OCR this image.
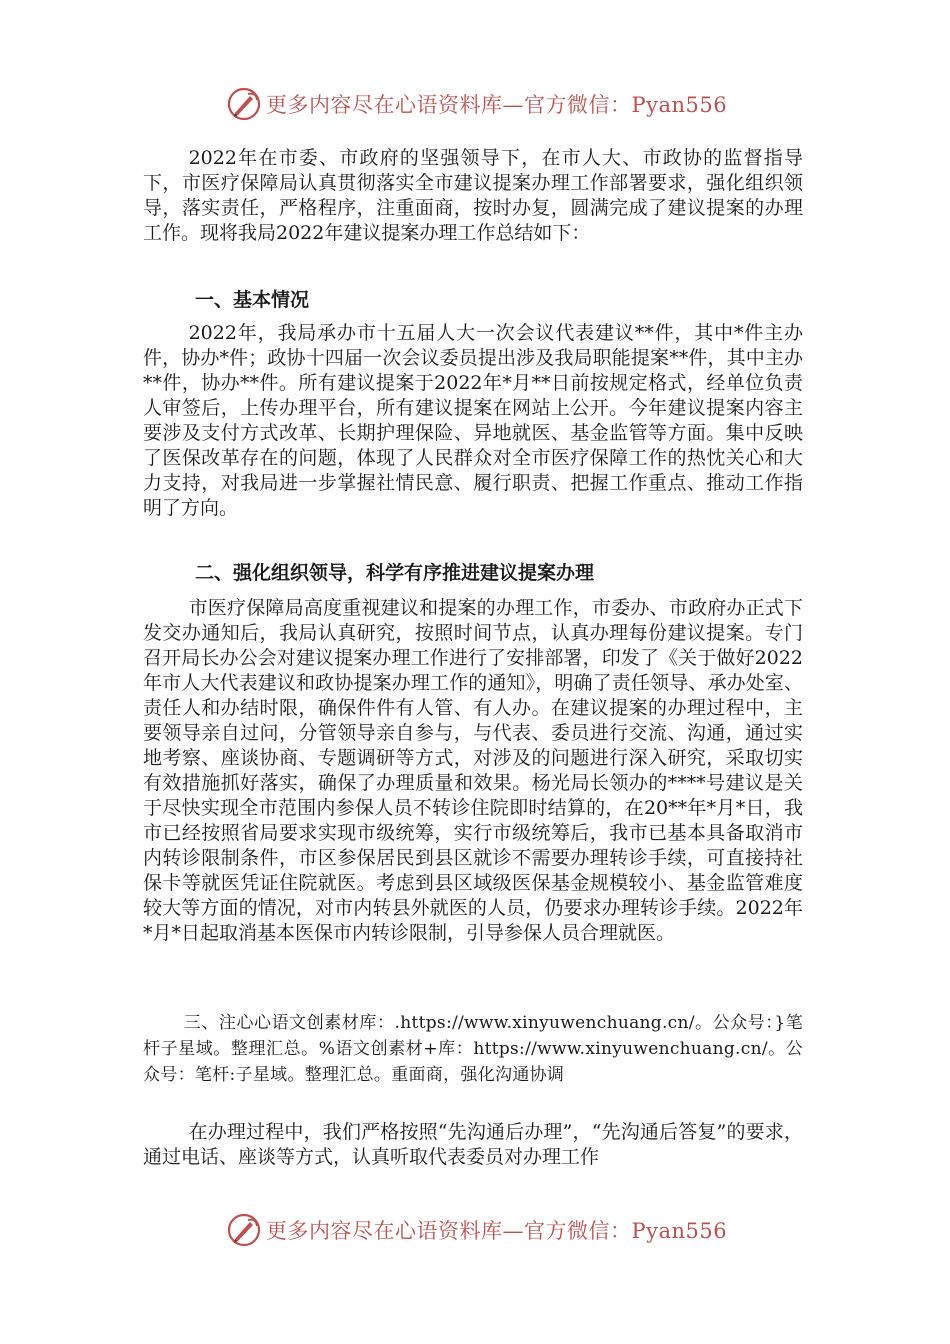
更多内容尽在心语资料库—官方微信：Pyan556

2022年在市委、市政府的坚强领导下，在市人大、市政协的监督指导下，市医疗保障局认真贯彻落实全市建议提案办理工作部署要求，强化组织领导，落实责任，严格程序，注重面商，按时办复，圆满完成了建议提案的办理工作。现将我局2022年建议提案办理工作总结如下：

一、基本情况

2022年，我局承办市十五届人大一次会议代表建议**件，其中*件主办件，协办*件；政协十四届一次会议委员提出涉及我局职能提案**件，其中主办**件，协办**件。所有建议提案于2022年*月**日前按规定格式，经单位负责人审签后，上传办理平台，所有建议提案在网站上公开。今年建议提案内容主要涉及支付方式改革、长期护理保险、异地就医、基金监管等方面。集中反映了医保改革存在的问题，体现了人民群众对全市医疗保障工作的热忱关心和大力支持，对我局进一步掌握社情民意、履行职责、把握工作重点、推动工作指明了方向。

二、强化组织领导，科学有序推进建议提案办理

市医疗保障局高度重视建议和提案的办理工作，市委办、市政府办正式下发交办通知后，我局认真研究，按照时间节点，认真办理每份建议提案。专门召开局长办公会对建议提案办理工作进行了安排部署，印发了《关于做好2022年市人大代表建议和政协提案办理工作的通知》，明确了责任领导、承办处室、责任人和办结时限，确保件件有人管、有人办。在建议提案的办理过程中，主要领导亲自过问，分管领导亲自参与，与代表、委员进行交流、沟通，通过实地考察、座谈协商、专题调研等方式，对涉及的问题进行深入研究，采取切实有效措施抓好落实，确保了办理质量和效果。杨光局长领办的****号建议是关于尽快实现全市范围内参保人员不转诊住院即时结算的，在20**年*月*日，我市已经按照省局要求实现市级统筹，实行市级统筹后，我市已基本具备取消市内转诊限制条件，市区参保居民到县区就诊不需要办理转诊手续，可直接持社保卡等就医凭证住院就医。考虑到县区域级医保基金规模较小、基金监管难度较大等方面的情况，对市内转县外就医的人员，仍要求办理转诊手续。2022年*月*日起取消基本医保市内转诊限制，引导参保人员合理就医。

三、注心心语文创素材库：.https://www.xinyuwenchuang.cn/。公众号：}笔杆子星域。整理汇总。%语文创素材+库：https://www.xinyuwenchuang.cn/。公众号：笔杆:子星域。整理汇总。重面商，强化沟通协调

在办理过程中，我们严格按照“先沟通后办理”，“先沟通后答复”的要求，通过电话、座谈等方式，认真听取代表委员对办理工作

更多内容尽在心语资料库—官方微信：Pyan556
